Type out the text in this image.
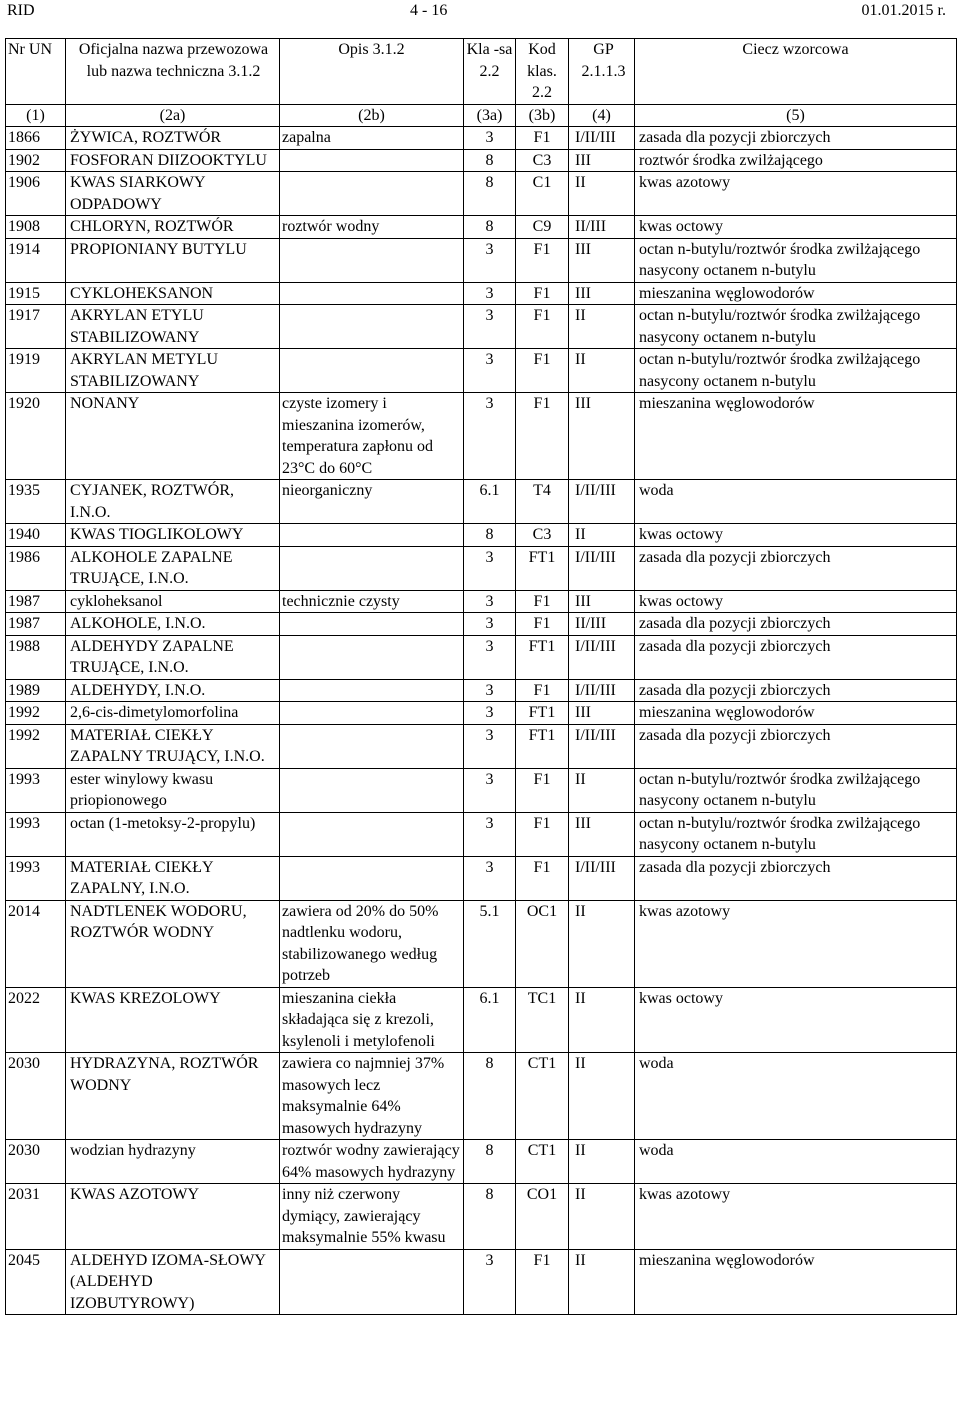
RID	4 - 16	01.01.2015 r.
Nr UN	Oficjalna nazwa przewozowa lub nazwa techniczna 3.1.2	Opis 3.1.2	Kla -sa 2.2	Kod klas. 2.2	GP 2.1.1.3	Ciecz wzorcowa
(1)	(2a)	(2b)	(3a)	(3b)	(4)	(5)
1866	ŻYWICA, ROZTWÓR	zapalna	3	F1	I/II/III	zasada dla pozycji zbiorczych
1902	FOSFORAN DIIZOOKTYLU		8	C3	III	roztwór środka zwilżającego
1906	KWAS SIARKOWY ODPADOWY		8	C1	II	kwas azotowy
1908	CHLORYN, ROZTWÓR	roztwór wodny	8	C9	II/III	kwas octowy
1914	PROPIONIANY BUTYLU		3	F1	III	octan n-butylu/roztwór środka zwilżającego nasycony octanem n-butylu
1915	CYKLOHEKSANON		3	F1	III	mieszanina węglowodorów
1917	AKRYLAN ETYLU STABILIZOWANY		3	F1	II	octan n-butylu/roztwór środka zwilżającego nasycony octanem n-butylu
1919	AKRYLAN METYLU STABILIZOWANY		3	F1	II	octan n-butylu/roztwór środka zwilżającego nasycony octanem n-butylu
1920	NONANY	czyste izomery i mieszanina izomerów, temperatura zapłonu od 23°C do 60°C	3	F1	III	mieszanina węglowodorów
1935	CYJANEK, ROZTWÓR, I.N.O.	nieorganiczny	6.1	T4	I/II/III	woda
1940	KWAS TIOGLIKOLOWY		8	C3	II	kwas octowy
1986	ALKOHOLE ZAPALNE TRUJĄCE, I.N.O.		3	FT1	I/II/III	zasada dla pozycji zbiorczych
1987	cykloheksanol	technicznie czysty	3	F1	III	kwas octowy
1987	ALKOHOLE, I.N.O.		3	F1	II/III	zasada dla pozycji zbiorczych
1988	ALDEHYDY ZAPALNE TRUJĄCE, I.N.O.		3	FT1	I/II/III	zasada dla pozycji zbiorczych
1989	ALDEHYDY, I.N.O.		3	F1	I/II/III	zasada dla pozycji zbiorczych
1992	2,6-cis-dimetylomorfolina		3	FT1	III	mieszanina węglowodorów
1992	MATERIAŁ CIEKŁY ZAPALNY TRUJĄCY, I.N.O.		3	FT1	I/II/III	zasada dla pozycji zbiorczych
1993	ester winylowy kwasu priopionowego		3	F1	II	octan n-butylu/roztwór środka zwilżającego nasycony octanem n-butylu
1993	octan (1-metoksy-2-propylu)		3	F1	III	octan n-butylu/roztwór środka zwilżającego nasycony octanem n-butylu
1993	MATERIAŁ CIEKŁY ZAPALNY, I.N.O.		3	F1	I/II/III	zasada dla pozycji zbiorczych
2014	NADTLENEK WODORU, ROZTWÓR WODNY	zawiera od 20% do 50% nadtlenku wodoru, stabilizowanego według potrzeb	5.1	OC1	II	kwas azotowy
2022	KWAS KREZOLOWY	mieszanina ciekła składająca się z krezoli, ksylenoli i metylofenoli	6.1	TC1	II	kwas octowy
2030	HYDRAZYNA, ROZTWÓR WODNY	zawiera co najmniej 37% masowych lecz maksymalnie 64% masowych hydrazyny	8	CT1	II	woda
2030	wodzian hydrazyny	roztwór wodny zawierający 64% masowych hydrazyny	8	CT1	II	woda
2031	KWAS AZOTOWY	inny niż czerwony dymiący, zawierający maksymalnie 55% kwasu	8	CO1	II	kwas azotowy
2045	ALDEHYD IZOMA-SŁOWY (ALDEHYD IZOBUTYROWY)		3	F1	II	mieszanina węglowodorów
